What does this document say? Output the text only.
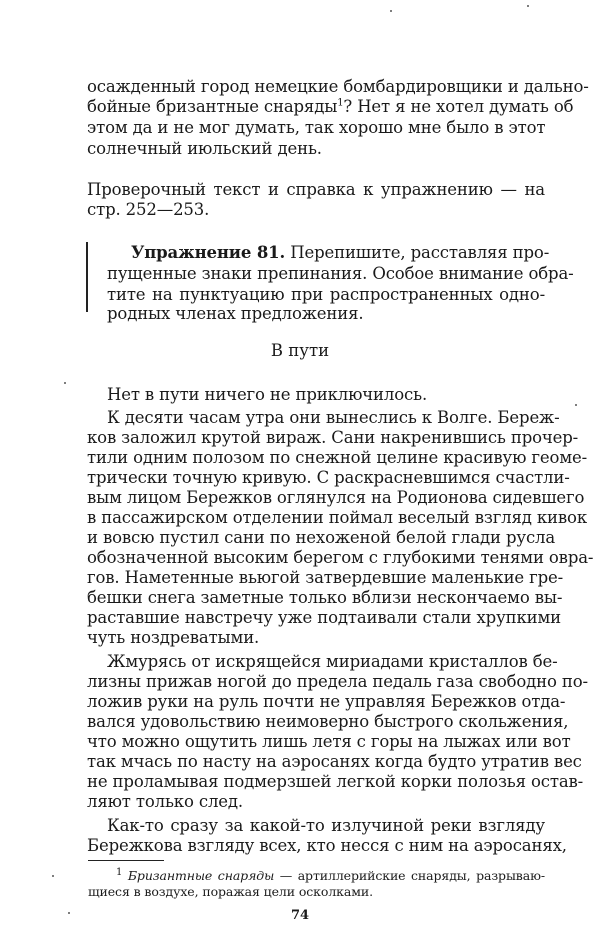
осажденный город немецкие бомбардировщики и дально-
бойные бризантные снаряды$^1$? Нет я не хотел думать об
этом да и не мог думать, так хорошо мне было в этот
солнечный июльский день.
Проверочный текст и справка к упражнению — на
стр. 252—253.
Упражнение 81. Перепишите, расставляя про-
пущенные знаки препинания. Особое внимание обра-
тите на пунктуацию при распространенных одно-
родных членах предложения.
В пути
Нет в пути ничего не приключилось.
К десяти часам утра они вынеслись к Волге. Береж-
ков заложил крутой вираж. Сани накренившись прочер-
тили одним полозом по снежной целине красивую геоме-
трически точную кривую. С раскрасневшимся счастли-
вым лицом Бережков оглянулся на Родионова сидевшего
в пассажирском отделении поймал веселый взгляд кивок
и вовсю пустил сани по нехоженой белой глади русла
обозначенной высоким берегом с глубокими тенями овра-
гов. Наметенные вьюгой затвердевшие маленькие гре-
бешки снега заметные только вблизи нескончаемо вы-
раставшие навстречу уже подтаивали стали хрупкими
чуть ноздреватыми.
Жмурясь от искрящейся мириадами кристаллов бе-
лизны прижав ногой до предела педаль газа свободно по-
ложив руки на руль почти не управляя Бережков отда-
вался удовольствию неимоверно быстрого скольжения,
что можно ощутить лишь летя с горы на лыжах или вот
так мчась по насту на аэросанях когда будто утратив вес
не проламывая подмерзшей легкой корки полозья остав-
ляют только след.
Как-то сразу за какой-то излучиной реки взгляду
Бережкова взгляду всех, кто несся с ним на аэросанях,
$^1$ Бризантные снаряды — артиллерийские снаряды, разрываю-
щиеся в воздухе, поражая цели осколками.
74
